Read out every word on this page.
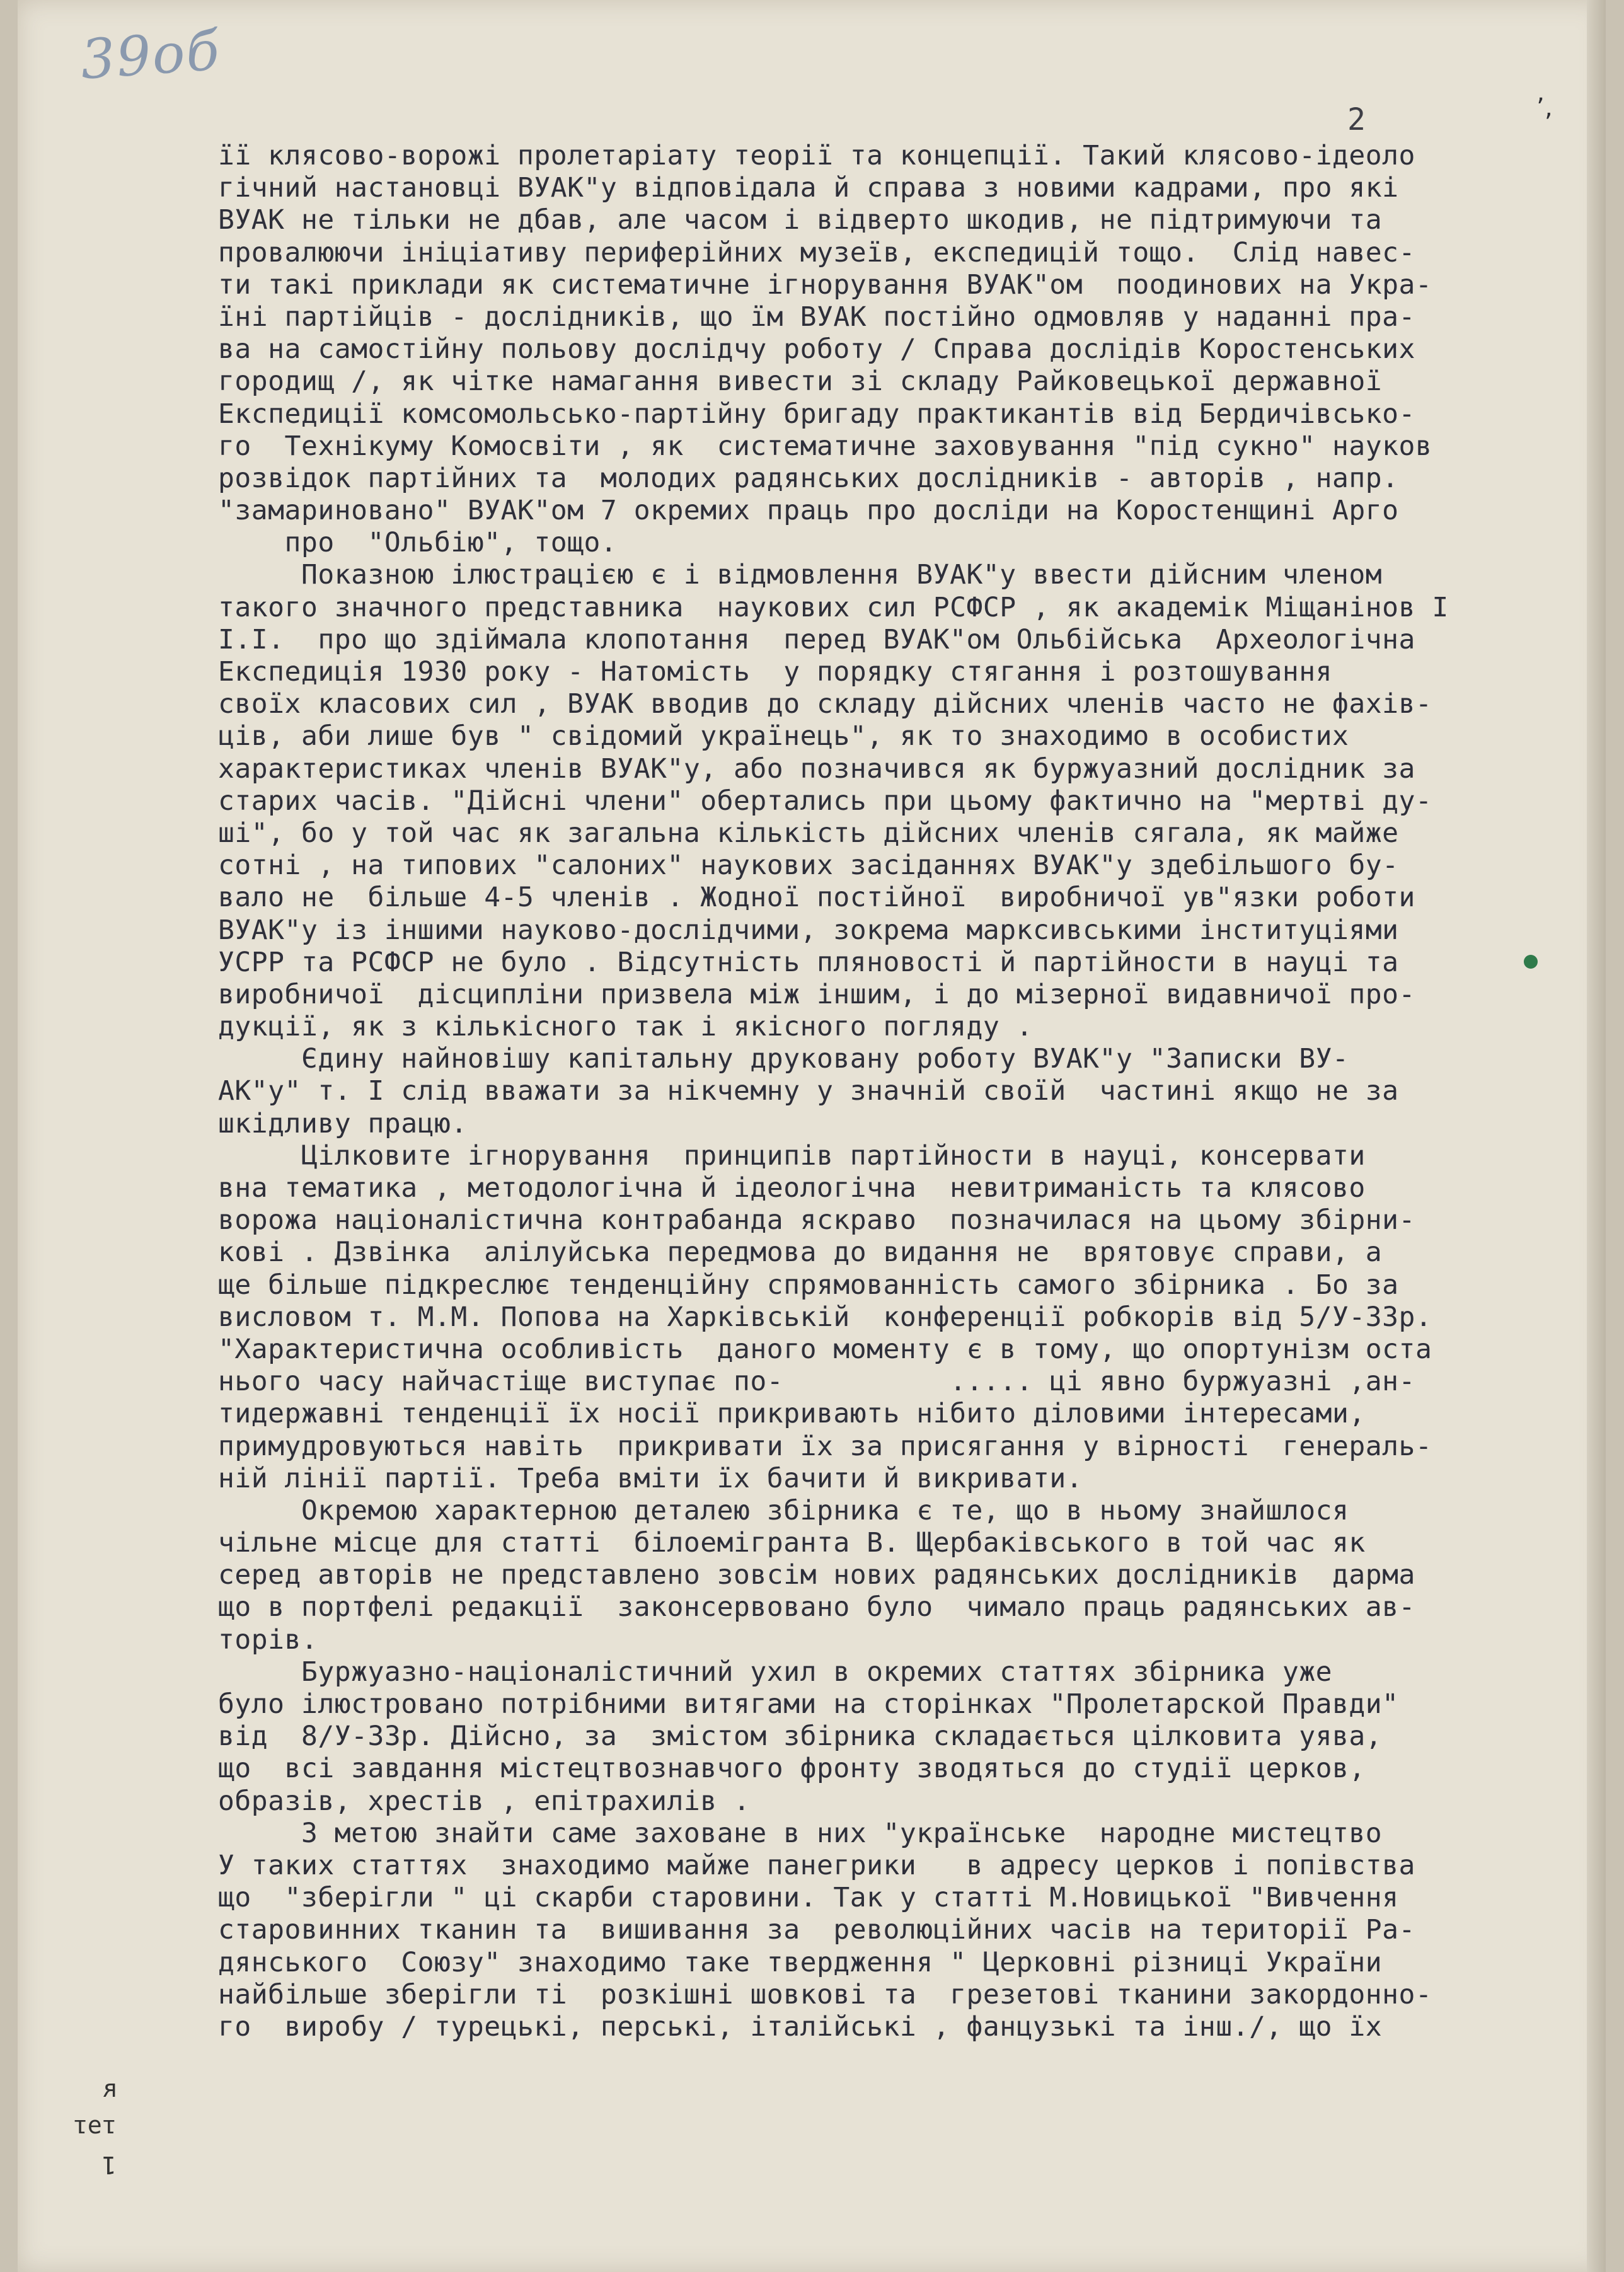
39об
2	’‚
її клясово-ворожі пролетаріату теорії та концепції. Такий клясово-ідеоло
гічний настановці ВУАК"у відповідала й справа з новими кадрами, про які
ВУАК не тільки не дбав, але часом і відверто шкодив, не підтримуючи та
провалюючи ініціативу периферійних музеїв, експедицій тощо.  Слід навес-
ти такі приклади як систематичне ігнорування ВУАК"ом  поодинових на Укра-
їні партійців - дослідників, що їм ВУАК постійно одмовляв у наданні пра-
ва на самостійну польову дослідчу роботу / Справа дослідів Коростенських
городищ /, як чітке намагання вивести зі складу Райковецької державної
Експедиції комсомольсько-партійну бригаду практикантів від Бердичівсько-
го  Технікуму Комосвіти , як  систематичне заховування "під сукно" науков
розвідок партійних та  молодих радянських дослідників - авторів , напр.
"замариновано" ВУАК"ом 7 окремих праць про досліди на Коростенщині Арго
про  "Ольбію", тощо.
Показною ілюстрацією є і відмовлення ВУАК"у ввести дійсним членом
такого значного представника  наукових сил РСФСР , як академік Міщанінов І
І.І.  про що здіймала клопотання  перед ВУАК"ом Ольбійська  Археологічна
Експедиція 1930 року - Натомість  у порядку стягання і розтошування
своїх класових сил , ВУАК вводив до складу дійсних членів часто не фахів-
ців, аби лише був " свідомий українець", як то знаходимо в особистих
характеристиках членів ВУАК"у, або позначився як буржуазний дослідник за
старих часів. "Дійсні члени" обертались при цьому фактично на "мертві ду-
ші", бо у той час як загальна кількість дійсних членів сягала, як майже
сотні , на типових "салоних" наукових засіданнях ВУАК"у здебільшого бу-
вало не  більше 4-5 членів . Жодної постійної  виробничої ув"язки роботи
ВУАК"у із іншими науково-дослідчими, зокрема марксивськими інституціями
УСРР та РСФСР не було . Відсутність пляновості й партійности в науці та
виробничої  дісципліни призвела між іншим, і до мізерної видавничої про-
дукції, як з кількісного так і якісного погляду .
Єдину найновішу капітальну друковану роботу ВУАК"у "Записки ВУ-
АК"у" т. І слід вважати за нікчемну у значній своїй  частині якщо не за
шкідливу працю.
Цілковите ігнорування  принципів партійности в науці, консервати
вна тематика , методологічна й ідеологічна  невитриманість та клясово
ворожа націоналістична контрабанда яскраво  позначилася на цьому збірни-
кові . Дзвінка  алілуйська передмова до видання не  врятовує справи, а
ще більше підкреслює тенденційну спрямованність самого збірника . Бо за
висловом т. М.М. Попова на Харківській  конференції робкорів від 5/У-33р.
"Характеристична особливість  даного моменту є в тому, що опортунізм оста
нього часу найчастіще виступає по-          ..... ці явно буржуазні ,ан-
тидержавні тенденції їх носії прикривають нібито діловими інтересами,
примудровуються навіть  прикривати їх за присягання у вірності  генераль-
ній лінії партії. Треба вміти їх бачити й викривати.
Окремою характерною деталею збірника є те, що в ньому знайшлося
чільне місце для статті  білоемігранта В. Щербаківського в той час як
серед авторів не представлено зовсім нових радянських дослідників  дарма
що в портфелі редакції  законсервовано було  чимало праць радянських ав-
торів.
Буржуазно-націоналістичний ухил в окремих статтях збірника уже
було ілюстровано потрібними витягами на сторінках "Пролетарской Правди"
від  8/У-33р. Дійсно, за  змістом збірника складається цілковита уява,
що  всі завдання містецтвознавчого фронту зводяться до студії церков,
образів, хрестів , епітрахилів .
З метою знайти саме заховане в них "українське  народне мистецтво
У таких статтях  знаходимо майже панегрики   в адресу церков і попівства
що  "зберігли " ці скарби старовини. Так у статті М.Новицької "Вивчення
старовинних тканин та  вишивання за  революційних часів на території Ра-
дянського  Союзу" знаходимо таке твердження " Церковні різниці України
найбільше зберігли ті  розкішні шовкові та  грезетові тканини закордонно-
го  виробу / турецькі, перські, італійські , фанцузькі та інш./, що їх
1
ıəı
ʁ
